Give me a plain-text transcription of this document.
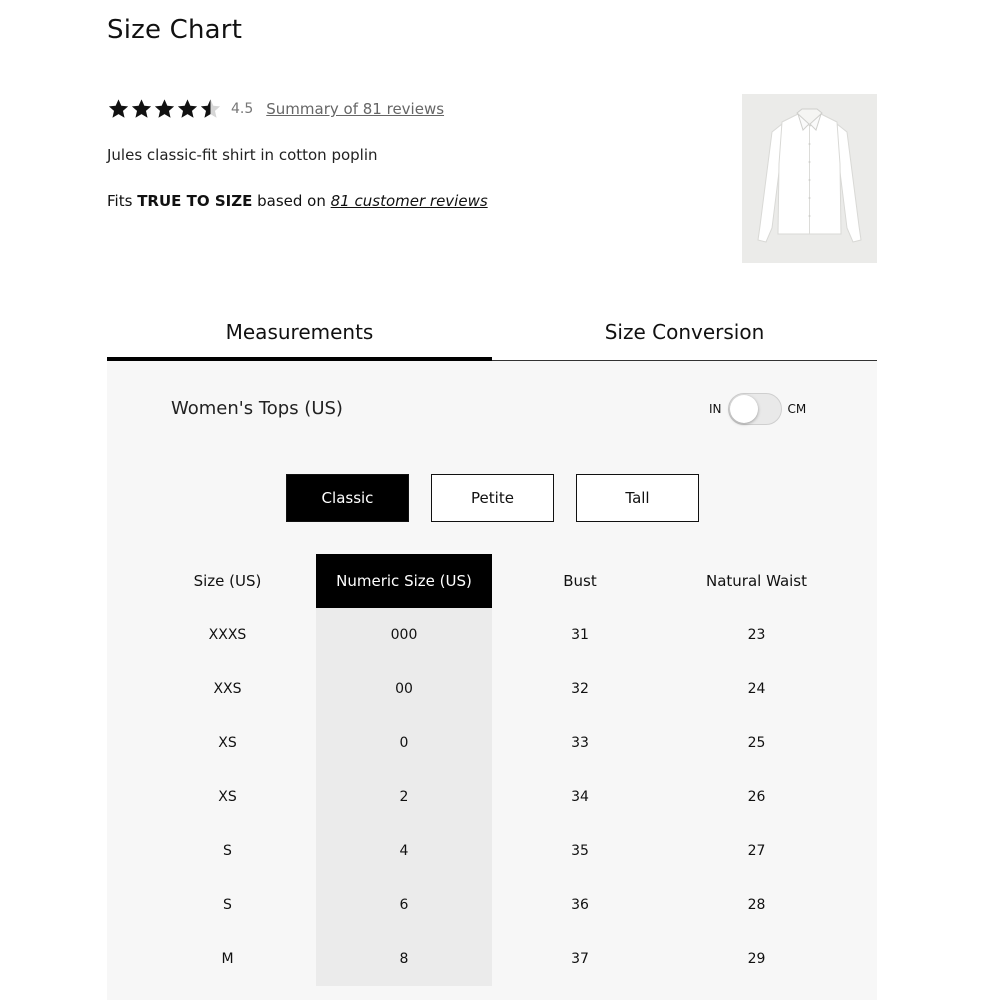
Size Chart
4.5 Summary of 81 reviews
Jules classic-fit shirt in cotton poplin
Fits TRUE TO SIZE based on 81 customer reviews
Measurements	Size Conversion
Women's Tops (US)	IN	CM
Classic	Petite	Tall
Size (US)	Numeric Size (US)	Bust	Natural Waist
XXXS	000	31	23
XXS	00	32	24
XS	0	33	25
XS	2	34	26
S	4	35	27
S	6	36	28
M	8	37	29
